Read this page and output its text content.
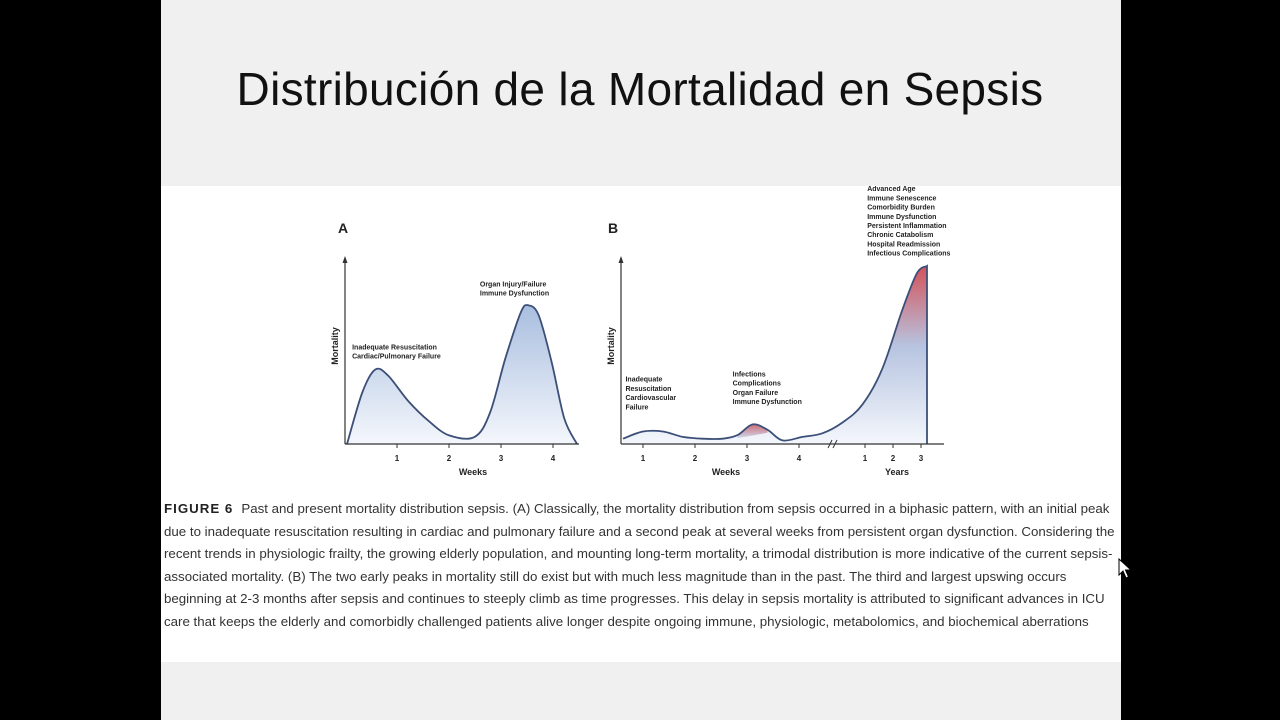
Distribución de la Mortalidad en Sepsis
A
1	2	3	4
Weeks
Mortality Inadequate Resuscitation
Cardiac/Pulmonary Failure
Organ Injury/Failure
Immune Dysfunction
B
1	2	3	4	1	2	3
Weeks	Years
Mortality
Inadequate
Resuscitation
Cardiovascular
Failure
Infections
Complications
Organ Failure
Immune Dysfunction
Advanced Age
Immune Senescence
Comorbidity Burden
Immune Dysfunction
Persistent Inflammation
Chronic Catabolism
Hospital Readmission
Infectious Complications
FIGURE 6 Past and present mortality distribution sepsis. (A) Classically, the mortality distribution from sepsis occurred in a biphasic pattern, with an initial peak due to inadequate resuscitation resulting in cardiac and pulmonary failure and a second peak at several weeks from persistent organ dysfunction. Considering the recent trends in physiologic frailty, the growing elderly population, and mounting long-term mortality, a trimodal distribution is more indicative of the current sepsis-associated mortality. (B) The two early peaks in mortality still do exist but with much less magnitude than in the past. The third and largest upswing occurs beginning at 2-3 months after sepsis and continues to steeply climb as time progresses. This delay in sepsis mortality is attributed to significant advances in ICU care that keeps the elderly and comorbidly challenged patients alive longer despite ongoing immune, physiologic, metabolomics, and biochemical aberrations
